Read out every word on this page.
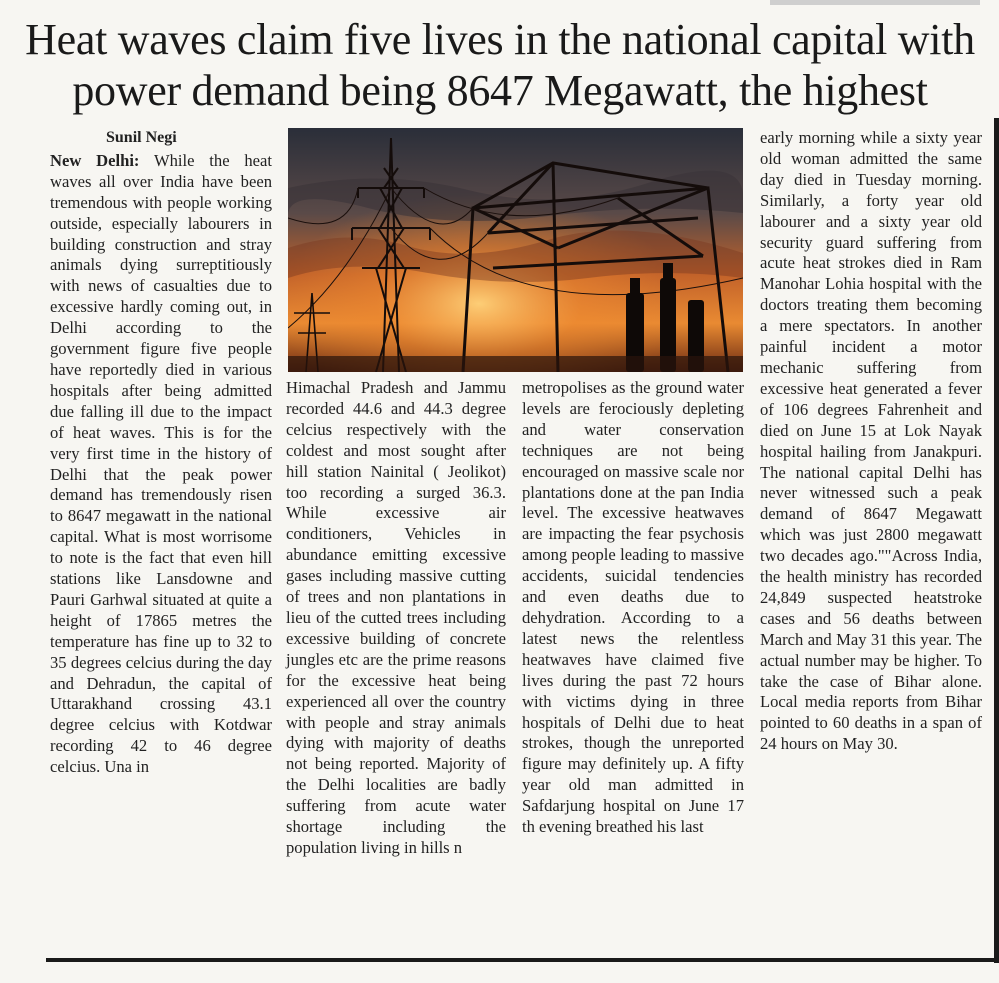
Heat waves claim five lives in the national capital with power demand being 8647 Megawatt, the highest
Sunil Negi

New Delhi: While the heat waves all over India have been tremendous with people working outside, especially labourers in building construction and stray animals dying surreptitiously with news of casualties due to excessive hardly coming out, in Delhi according to the government figure five people have reportedly died in various hospitals after being admitted due falling ill due to the impact of heat waves. This is for the very first time in the history of Delhi that the peak power demand has tremendously risen to 8647 megawatt in the national capital. What is most worrisome to note is the fact that even hill stations like Lansdowne and Pauri Garhwal situated at quite a height of 17865 metres the temperature has fine up to 32 to 35 degrees celcius during the day and Dehradun, the capital of Uttarakhand crossing 43.1 degree celcius with Kotdwar recording 42 to 46 degree celcius. Una in

Himachal Pradesh and Jammu recorded 44.6 and 44.3 degree celcius respectively with the coldest and most sought after hill station Nainital ( Jeolikot) too recording a surged 36.3. While excessive air conditioners, Vehicles in abundance emitting excessive gases including massive cutting of trees and non plantations in lieu of the cutted trees including excessive building of concrete jungles etc are the prime reasons for the excessive heat being experienced all over the country with people and stray animals dying with majority of deaths not being reported. Majority of the Delhi localities are badly suffering from acute water shortage including the population living in hills n

metropolises as the ground water levels are ferociously depleting and water conservation techniques are not being encouraged on massive scale nor plantations done at the pan India level. The excessive heatwaves are impacting the fear psychosis among people leading to massive accidents, suicidal tendencies and even deaths due to dehydration. According to a latest news the relentless heatwaves have claimed five lives during the past 72 hours with victims dying in three hospitals of Delhi due to heat strokes, though the unreported figure may definitely up. A fifty year old man admitted in Safdarjung hospital on June 17 th evening breathed his last

early morning while a sixty year old woman admitted the same day died in Tuesday morning. Similarly, a forty year old labourer and a sixty year old security guard suffering from acute heat strokes died in Ram Manohar Lohia hospital with the doctors treating them becoming a mere spectators. In another painful incident a motor mechanic suffering from excessive heat generated a fever of 106 degrees Fahrenheit and died on June 15 at Lok Nayak hospital hailing from Janakpuri. The national capital Delhi has never witnessed such a peak demand of 8647 Megawatt which was just 2800 megawatt two decades ago.""Across India, the health ministry has recorded 24,849 suspected heatstroke cases and 56 deaths between March and May 31 this year. The actual number may be higher. To take the case of Bihar alone. Local media reports from Bihar pointed to 60 deaths in a span of 24 hours on May 30.
